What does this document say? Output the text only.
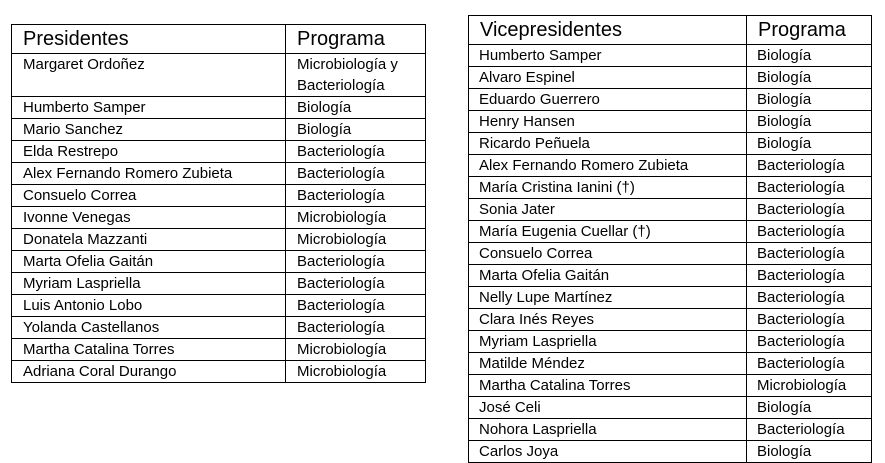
Presidentes	Programa
Margaret Ordoñez	Microbiología y Bacteriología
Humberto Samper	Biología
Mario Sanchez	Biología
Elda Restrepo	Bacteriología
Alex Fernando Romero Zubieta	Bacteriología
Consuelo Correa	Bacteriología
Ivonne Venegas	Microbiología
Donatela Mazzanti	Microbiología
Marta Ofelia Gaitán	Bacteriología
Myriam Laspriella	Bacteriología
Luis Antonio Lobo	Bacteriología
Yolanda Castellanos	Bacteriología
Martha Catalina Torres	Microbiología
Adriana Coral Durango	Microbiología
Vicepresidentes	Programa
Humberto Samper	Biología
Alvaro Espinel	Biología
Eduardo Guerrero	Biología
Henry Hansen	Biología
Ricardo Peñuela	Biología
Alex Fernando Romero Zubieta	Bacteriología
María Cristina Ianini (†)	Bacteriología
Sonia Jater	Bacteriología
María Eugenia Cuellar (†)	Bacteriología
Consuelo Correa	Bacteriología
Marta Ofelia Gaitán	Bacteriología
Nelly Lupe Martínez	Bacteriología
Clara Inés Reyes	Bacteriología
Myriam Laspriella	Bacteriología
Matilde Méndez	Bacteriología
Martha Catalina Torres	Microbiología
José Celi	Biología
Nohora Laspriella	Bacteriología
Carlos Joya	Biología
